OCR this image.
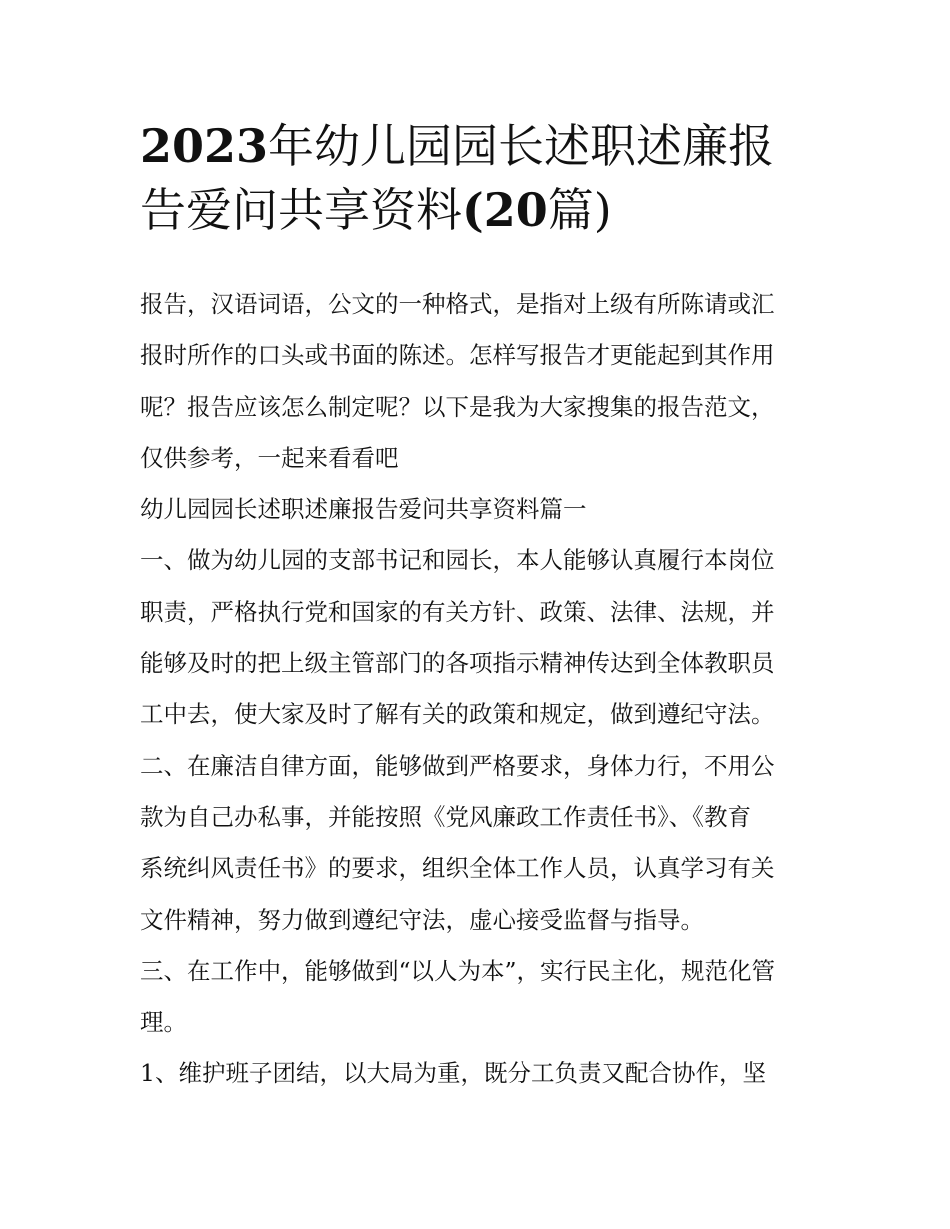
2023年幼儿园园长述职述廉报
告爱问共享资料(20篇)
报告，汉语词语，公文的一种格式，是指对上级有所陈请或汇
报时所作的口头或书面的陈述。怎样写报告才更能起到其作用
呢？报告应该怎么制定呢？以下是我为大家搜集的报告范文，
仅供参考，一起来看看吧
幼儿园园长述职述廉报告爱问共享资料篇一
一、做为幼儿园的支部书记和园长，本人能够认真履行本岗位
职责，严格执行党和国家的有关方针、政策、法律、法规，并
能够及时的把上级主管部门的各项指示精神传达到全体教职员
工中去，使大家及时了解有关的政策和规定，做到遵纪守法。
二、在廉洁自律方面，能够做到严格要求，身体力行，不用公
款为自己办私事，并能按照《党风廉政工作责任书》、《教育
系统纠风责任书》的要求，组织全体工作人员，认真学习有关
文件精神，努力做到遵纪守法，虚心接受监督与指导。
三、在工作中，能够做到“以人为本”，实行民主化，规范化管
理。
1、维护班子团结，以大局为重，既分工负责又配合协作，坚
